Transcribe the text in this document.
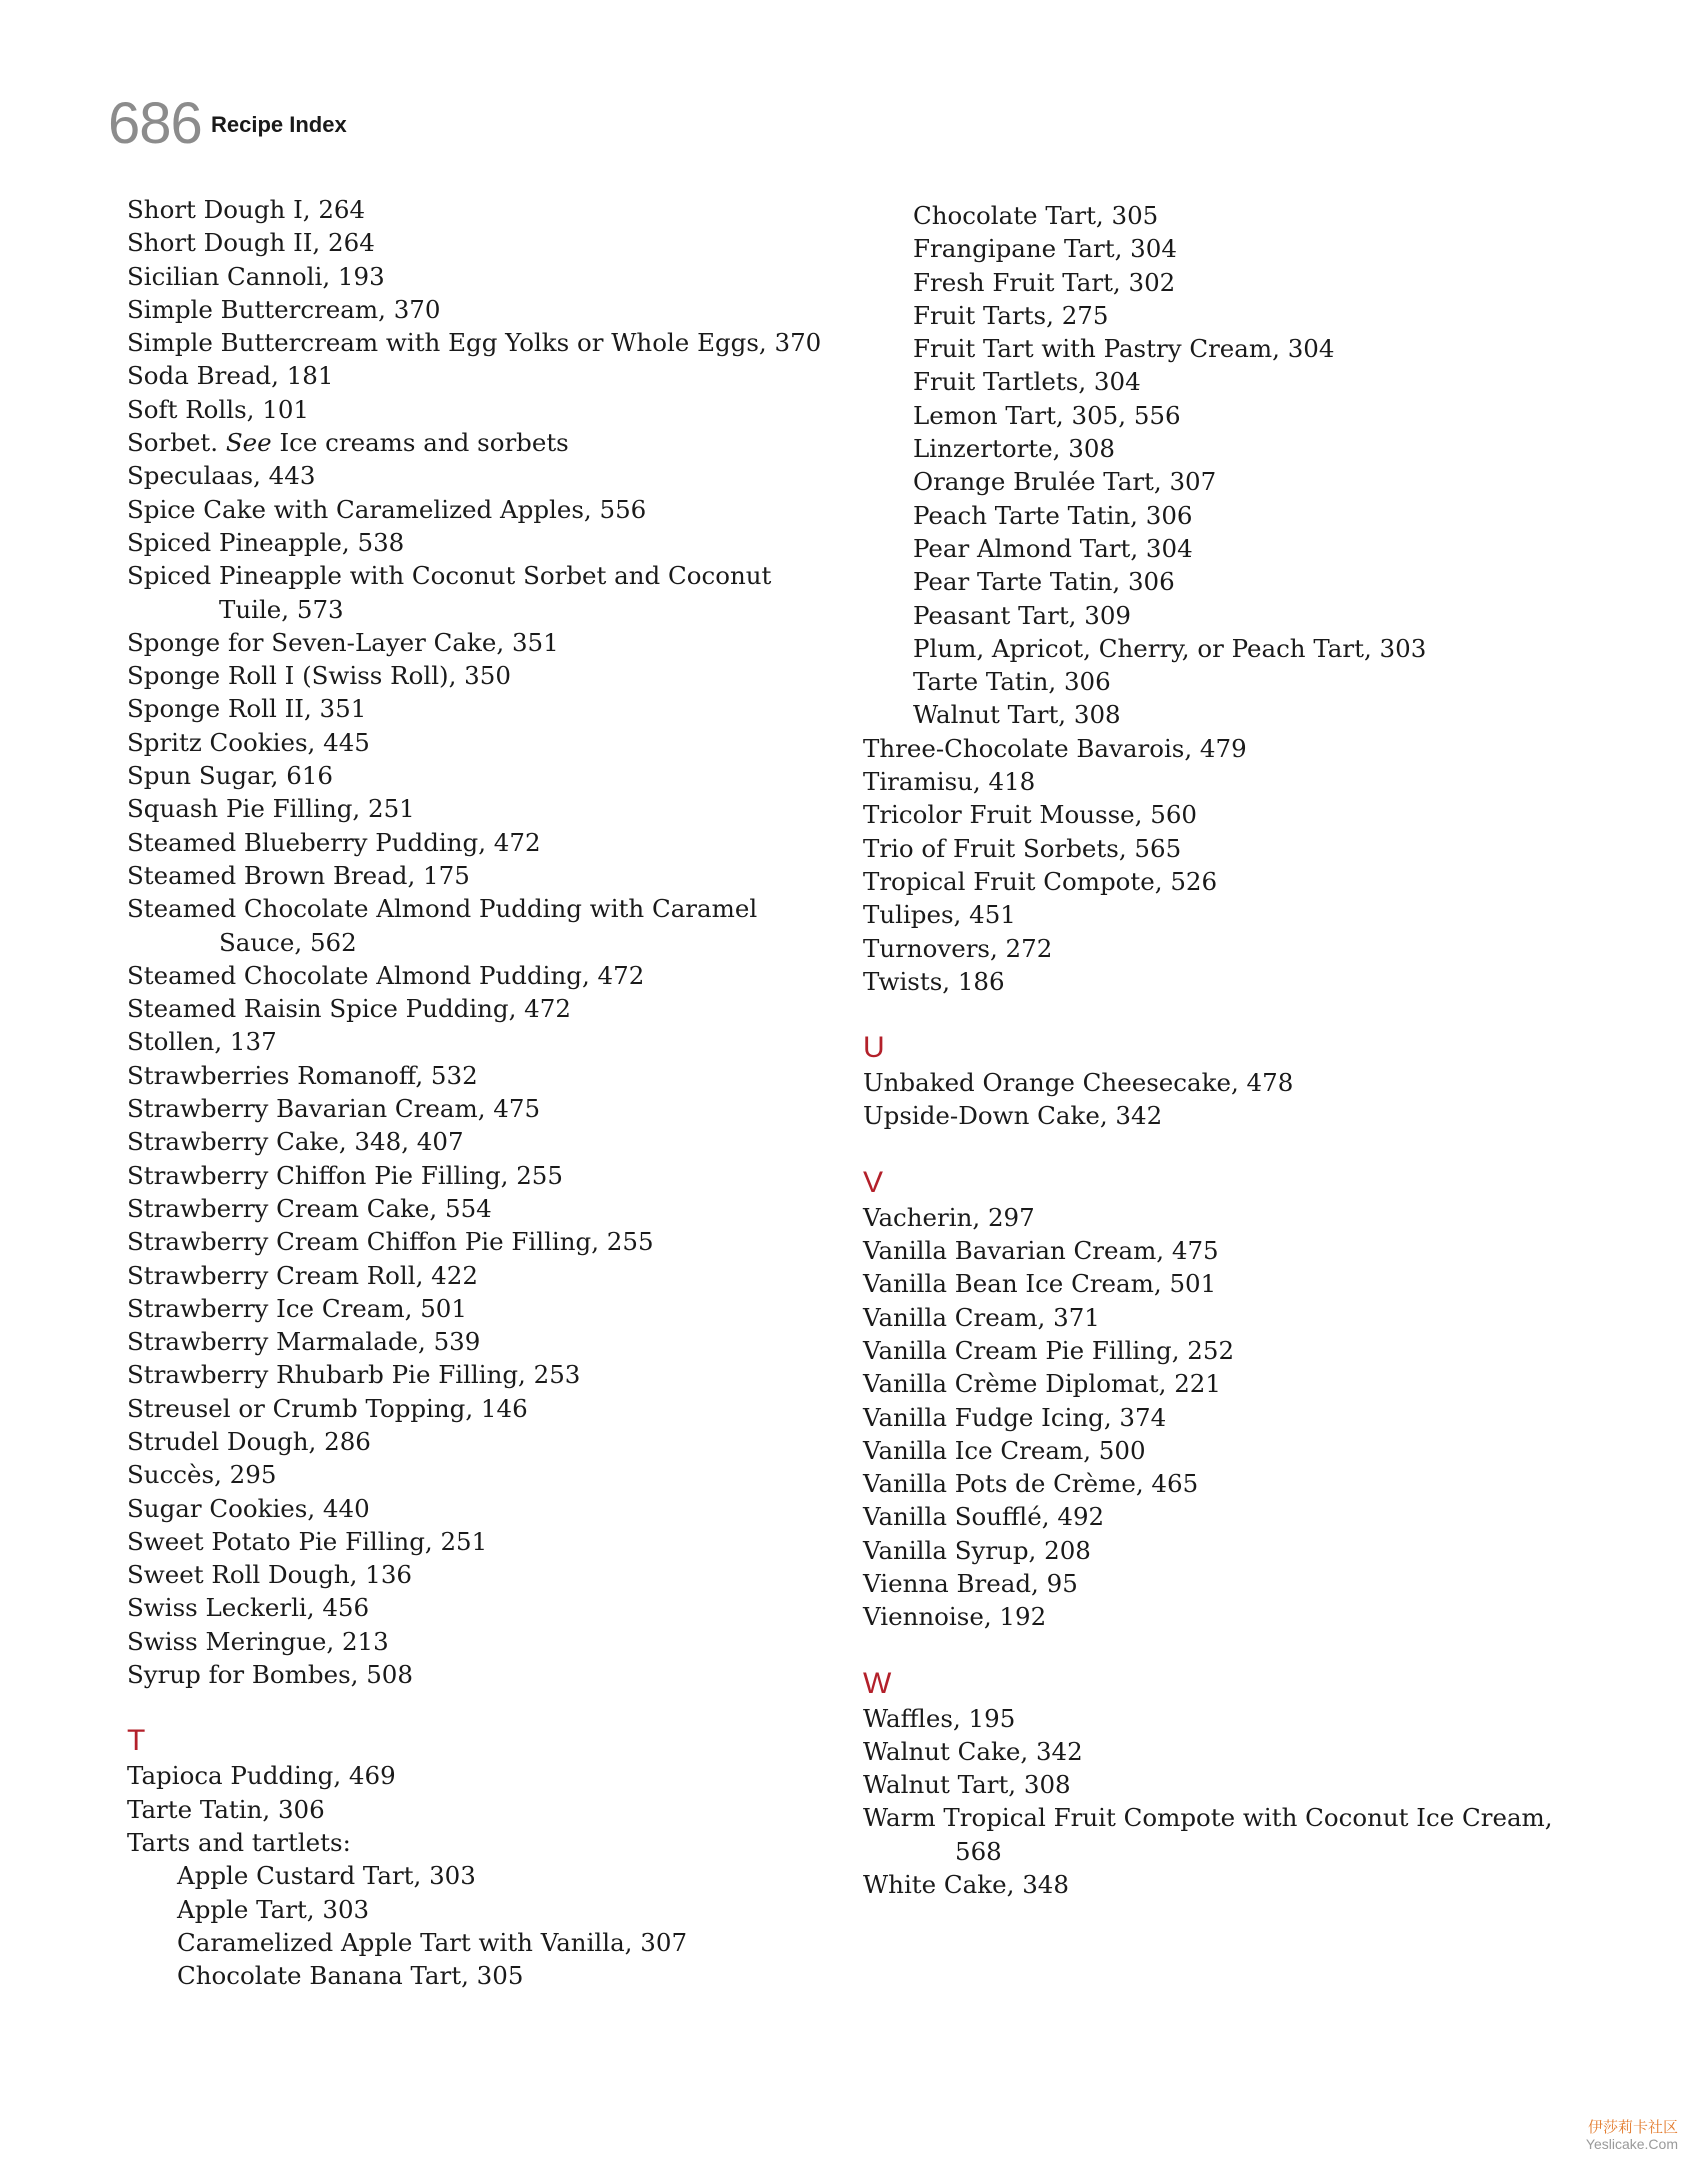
686 Recipe Index
Short Dough I, 264
Short Dough II, 264
Sicilian Cannoli, 193
Simple Buttercream, 370
Simple Buttercream with Egg Yolks or Whole Eggs, 370
Soda Bread, 181
Soft Rolls, 101
Sorbet. See Ice creams and sorbets
Speculaas, 443
Spice Cake with Caramelized Apples, 556
Spiced Pineapple, 538
Spiced Pineapple with Coconut Sorbet and Coconut
Tuile, 573
Sponge for Seven-Layer Cake, 351
Sponge Roll I (Swiss Roll), 350
Sponge Roll II, 351
Spritz Cookies, 445
Spun Sugar, 616
Squash Pie Filling, 251
Steamed Blueberry Pudding, 472
Steamed Brown Bread, 175
Steamed Chocolate Almond Pudding with Caramel
Sauce, 562
Steamed Chocolate Almond Pudding, 472
Steamed Raisin Spice Pudding, 472
Stollen, 137
Strawberries Romanoff, 532
Strawberry Bavarian Cream, 475
Strawberry Cake, 348, 407
Strawberry Chiffon Pie Filling, 255
Strawberry Cream Cake, 554
Strawberry Cream Chiffon Pie Filling, 255
Strawberry Cream Roll, 422
Strawberry Ice Cream, 501
Strawberry Marmalade, 539
Strawberry Rhubarb Pie Filling, 253
Streusel or Crumb Topping, 146
Strudel Dough, 286
Succès, 295
Sugar Cookies, 440
Sweet Potato Pie Filling, 251
Sweet Roll Dough, 136
Swiss Leckerli, 456
Swiss Meringue, 213
Syrup for Bombes, 508
T
Tapioca Pudding, 469
Tarte Tatin, 306
Tarts and tartlets:
Apple Custard Tart, 303
Apple Tart, 303
Caramelized Apple Tart with Vanilla, 307
Chocolate Banana Tart, 305
Chocolate Tart, 305
Frangipane Tart, 304
Fresh Fruit Tart, 302
Fruit Tarts, 275
Fruit Tart with Pastry Cream, 304
Fruit Tartlets, 304
Lemon Tart, 305, 556
Linzertorte, 308
Orange Brulée Tart, 307
Peach Tarte Tatin, 306
Pear Almond Tart, 304
Pear Tarte Tatin, 306
Peasant Tart, 309
Plum, Apricot, Cherry, or Peach Tart, 303
Tarte Tatin, 306
Walnut Tart, 308
Three-Chocolate Bavarois, 479
Tiramisu, 418
Tricolor Fruit Mousse, 560
Trio of Fruit Sorbets, 565
Tropical Fruit Compote, 526
Tulipes, 451
Turnovers, 272
Twists, 186
U
Unbaked Orange Cheesecake, 478
Upside-Down Cake, 342
V
Vacherin, 297
Vanilla Bavarian Cream, 475
Vanilla Bean Ice Cream, 501
Vanilla Cream, 371
Vanilla Cream Pie Filling, 252
Vanilla Crème Diplomat, 221
Vanilla Fudge Icing, 374
Vanilla Ice Cream, 500
Vanilla Pots de Crème, 465
Vanilla Soufflé, 492
Vanilla Syrup, 208
Vienna Bread, 95
Viennoise, 192
W
Waffles, 195
Walnut Cake, 342
Walnut Tart, 308
Warm Tropical Fruit Compote with Coconut Ice Cream,
568
White Cake, 348
伊莎莉卡社区
Yeslicake.Com
